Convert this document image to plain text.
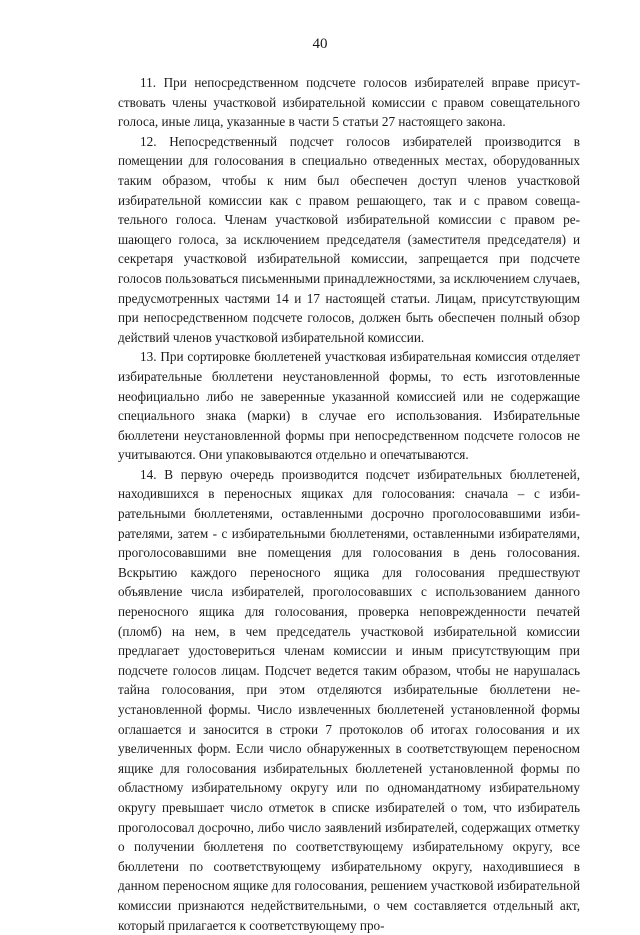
40

11. При непосредственном подсчете голосов избирателей вправе присутствовать члены участковой избирательной комиссии с правом совещательного голоса, иные лица, указанные в части 5 статьи 27 настоящего закона.

12. Непосредственный подсчет голосов избирателей производится в помещении для голосования в специально отведенных местах, оборудованных таким образом, чтобы к ним был обеспечен доступ членов участковой избирательной комиссии как с правом решающего, так и с правом совещательного голоса. Членам участковой избирательной комиссии с правом решающего голоса, за исключением председателя (заместителя председателя) и секретаря участковой избирательной комиссии, запрещается при подсчете голосов пользоваться письменными принадлежностями, за исключением случаев, предусмотренных частями 14 и 17 настоящей статьи. Лицам, присутствующим при непосредственном подсчете голосов, должен быть обеспечен полный обзор действий членов участковой избирательной комиссии.

13. При сортировке бюллетеней участковая избирательная комиссия отделяет избирательные бюллетени неустановленной формы, то есть изготовленные неофициально либо не заверенные указанной комиссией или не содержащие специального знака (марки) в случае его использования. Избирательные бюллетени неустановленной формы при непосредственном подсчете голосов не учитываются. Они упаковываются отдельно и опечатываются.

14. В первую очередь производится подсчет избирательных бюллетеней, находившихся в переносных ящиках для голосования: сначала – с избирательными бюллетенями, оставленными досрочно проголосовавшими избирателями, затем - с избирательными бюллетенями, оставленными избирателями, проголосовавшими вне помещения для голосования в день голосования. Вскрытию каждого переносного ящика для голосования предшествуют объявление числа избирателей, проголосовавших с использованием данного переносного ящика для голосования, проверка неповрежденности печатей (пломб) на нем, в чем председатель участковой избирательной комиссии предлагает удостовериться членам комиссии и иным присутствующим при подсчете голосов лицам. Подсчет ведется таким образом, чтобы не нарушалась тайна голосования, при этом отделяются избирательные бюллетени неустановленной формы. Число извлеченных бюллетеней установленной формы оглашается и заносится в строки 7 протоколов об итогах голосования и их увеличенных форм. Если число обнаруженных в соответствующем переносном ящике для голосования избирательных бюллетеней установленной формы по областному избирательному округу или по одномандатному избирательному округу превышает число отметок в списке избирателей о том, что избиратель проголосовал досрочно, либо число заявлений избирателей, содержащих отметку о получении бюллетеня по соответствующему избирательному округу, все бюллетени по соответствующему избирательному округу, находившиеся в данном переносном ящике для голосования, решением участковой избирательной комиссии признаются недействительными, о чем составляется отдельный акт, который прилагается к соответствующему про-
